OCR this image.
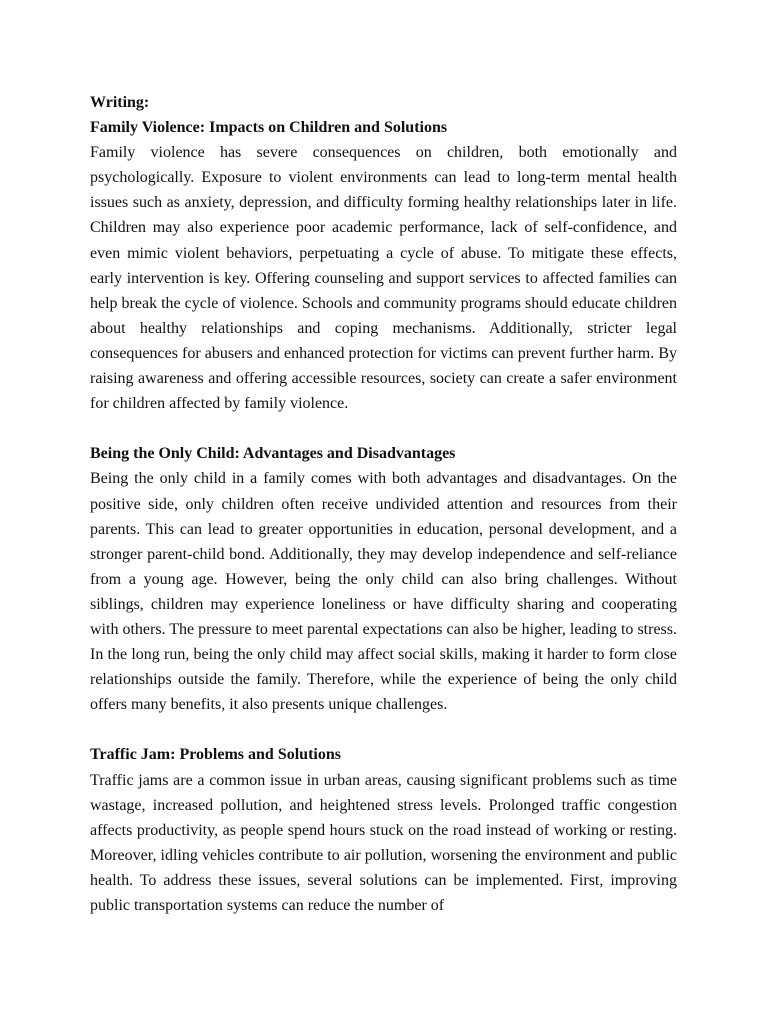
Writing:

Family Violence: Impacts on Children and Solutions

Family violence has severe consequences on children, both emotionally and psychologically. Exposure to violent environments can lead to long-term mental health issues such as anxiety, depression, and difficulty forming healthy relationships later in life. Children may also experience poor academic performance, lack of self-confidence, and even mimic violent behaviors, perpetuating a cycle of abuse. To mitigate these effects, early intervention is key. Offering counseling and support services to affected families can help break the cycle of violence. Schools and community programs should educate children about healthy relationships and coping mechanisms. Additionally, stricter legal consequences for abusers and enhanced protection for victims can prevent further harm. By raising awareness and offering accessible resources, society can create a safer environment for children affected by family violence.

Being the Only Child: Advantages and Disadvantages

Being the only child in a family comes with both advantages and disadvantages. On the positive side, only children often receive undivided attention and resources from their parents. This can lead to greater opportunities in education, personal development, and a stronger parent-child bond. Additionally, they may develop independence and self-reliance from a young age. However, being the only child can also bring challenges. Without siblings, children may experience loneliness or have difficulty sharing and cooperating with others. The pressure to meet parental expectations can also be higher, leading to stress. In the long run, being the only child may affect social skills, making it harder to form close relationships outside the family. Therefore, while the experience of being the only child offers many benefits, it also presents unique challenges.

Traffic Jam: Problems and Solutions

Traffic jams are a common issue in urban areas, causing significant problems such as time wastage, increased pollution, and heightened stress levels. Prolonged traffic congestion affects productivity, as people spend hours stuck on the road instead of working or resting. Moreover, idling vehicles contribute to air pollution, worsening the environment and public health. To address these issues, several solutions can be implemented. First, improving public transportation systems can reduce the number of
